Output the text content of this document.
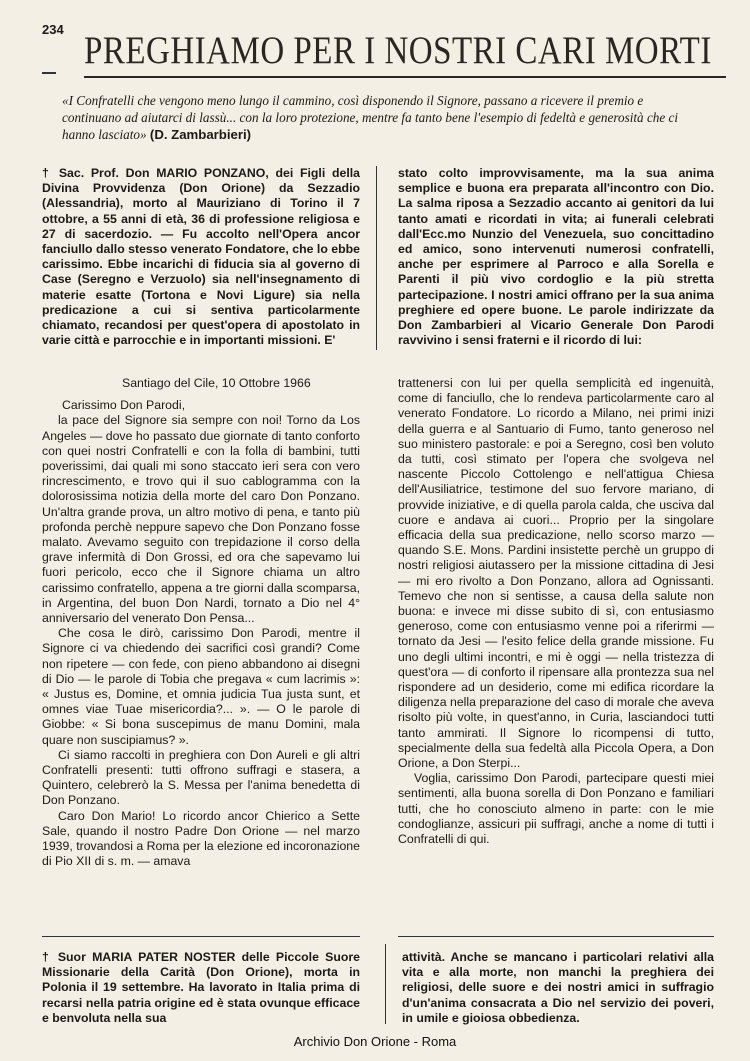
234
PREGHIAMO PER I NOSTRI CARI MORTI
«I Confratelli che vengono meno lungo il cammino, così disponendo il Signore, passano a ricevere il premio e continuano ad aiutarci di lassù... con la loro protezione, mentre fa tanto bene l'esempio di fedeltà e generosità che ci hanno lasciato» (D. Zambarbieri)

† Sac. Prof. Don MARIO PONZANO, dei Figli della Divina Provvidenza (Don Orione) da Sezzadio (Alessandria), morto al Mauriziano di Torino il 7 ottobre, a 55 anni di età, 36 di professione religiosa e 27 di sacerdozio. — Fu accolto nell'Opera ancor fanciullo dallo stesso venerato Fondatore, che lo ebbe carissimo. Ebbe incarichi di fiducia sia al governo di Case (Seregno e Verzuolo) sia nell'insegnamento di materie esatte (Tortona e Novi Ligure) sia nella predicazione a cui si sentiva particolarmente chiamato, recandosi per quest'opera di apostolato in varie città e parrocchie e in importanti missioni. E'

stato colto improvvisamente, ma la sua anima semplice e buona era preparata all'incontro con Dio. La salma riposa a Sezzadio accanto ai genitori da lui tanto amati e ricordati in vita; ai funerali celebrati dall'Ecc.mo Nunzio del Venezuela, suo concittadino ed amico, sono intervenuti numerosi confratelli, anche per esprimere al Parroco e alla Sorella e Parenti il più vivo cordoglio e la più stretta partecipazione. I nostri amici offrano per la sua anima preghiere ed opere buone. Le parole indirizzate da Don Zambarbieri al Vicario Generale Don Parodi ravvivino i sensi fraterni e il ricordo di lui:

Santiago del Cile, 10 Ottobre 1966

Carissimo Don Parodi,

la pace del Signore sia sempre con noi! Torno da Los Angeles — dove ho passato due giornate di tanto conforto con quei nostri Confratelli e con la folla di bambini, tutti poverissimi, dai quali mi sono staccato ieri sera con vero rincrescimento, e trovo qui il suo cablogramma con la dolorosissima notizia della morte del caro Don Ponzano. Un'altra grande prova, un altro motivo di pena, e tanto più profonda perchè neppure sapevo che Don Ponzano fosse malato. Avevamo seguito con trepidazione il corso della grave infermità di Don Grossi, ed ora che sapevamo lui fuori pericolo, ecco che il Signore chiama un altro carissimo confratello, appena a tre giorni dalla scomparsa, in Argentina, del buon Don Nardi, tornato a Dio nel 4° anniversario del venerato Don Pensa...

Che cosa le dirò, carissimo Don Parodi, mentre il Signore ci va chiedendo dei sacrifici così grandi? Come non ripetere — con fede, con pieno abbandono ai disegni di Dio — le parole di Tobia che pregava « cum lacrimis »: « Justus es, Domine, et omnia judicia Tua justa sunt, et omnes viae Tuae misericordia?... ». — O le parole di Giobbe: « Si bona suscepimus de manu Domini, mala quare non suscipiamus? ».

Ci siamo raccolti in preghiera con Don Aureli e gli altri Confratelli presenti: tutti offrono suffragi e stasera, a Quintero, celebrerò la S. Messa per l'anima benedetta di Don Ponzano.

Caro Don Mario! Lo ricordo ancor Chierico a Sette Sale, quando il nostro Padre Don Orione — nel marzo 1939, trovandosi a Roma per la elezione ed incoronazione di Pio XII di s. m. — amava

trattenersi con lui per quella semplicità ed ingenuità, come di fanciullo, che lo rendeva particolarmente caro al venerato Fondatore. Lo ricordo a Milano, nei primi inizi della guerra e al Santuario di Fumo, tanto generoso nel suo ministero pastorale: e poi a Seregno, così ben voluto da tutti, così stimato per l'opera che svolgeva nel nascente Piccolo Cottolengo e nell'attigua Chiesa dell'Ausiliatrice, testimone del suo fervore mariano, di provvide iniziative, e di quella parola calda, che usciva dal cuore e andava ai cuori... Proprio per la singolare efficacia della sua predicazione, nello scorso marzo — quando S.E. Mons. Pardini insistette perchè un gruppo di nostri religiosi aiutassero per la missione cittadina di Jesi — mi ero rivolto a Don Ponzano, allora ad Ognissanti. Temevo che non si sentisse, a causa della salute non buona: e invece mi disse subito di sì, con entusiasmo generoso, come con entusiasmo venne poi a riferirmi — tornato da Jesi — l'esito felice della grande missione. Fu uno degli ultimi incontri, e mi è oggi — nella tristezza di quest'ora — di conforto il ripensare alla prontezza sua nel rispondere ad un desiderio, come mi edifica ricordare la diligenza nella preparazione del caso di morale che aveva risolto più volte, in quest'anno, in Curia, lasciandoci tutti tanto ammirati. Il Signore lo ricompensi di tutto, specialmente della sua fedeltà alla Piccola Opera, a Don Orione, a Don Sterpi...

Voglia, carissimo Don Parodi, partecipare questi miei sentimenti, alla buona sorella di Don Ponzano e familiari tutti, che ho conosciuto almeno in parte: con le mie condoglianze, assicuri pii suffragi, anche a nome di tutti i Confratelli di qui.

† Suor MARIA PATER NOSTER delle Piccole Suore Missionarie della Carità (Don Orione), morta in Polonia il 19 settembre. Ha lavorato in Italia prima di recarsi nella patria origine ed è stata ovunque efficace e benvoluta nella sua

attività. Anche se mancano i particolari relativi alla vita e alla morte, non manchi la preghiera dei religiosi, delle suore e dei nostri amici in suffragio d'un'anima consacrata a Dio nel servizio dei poveri, in umile e gioiosa obbedienza.

Archivio Don Orione - Roma
